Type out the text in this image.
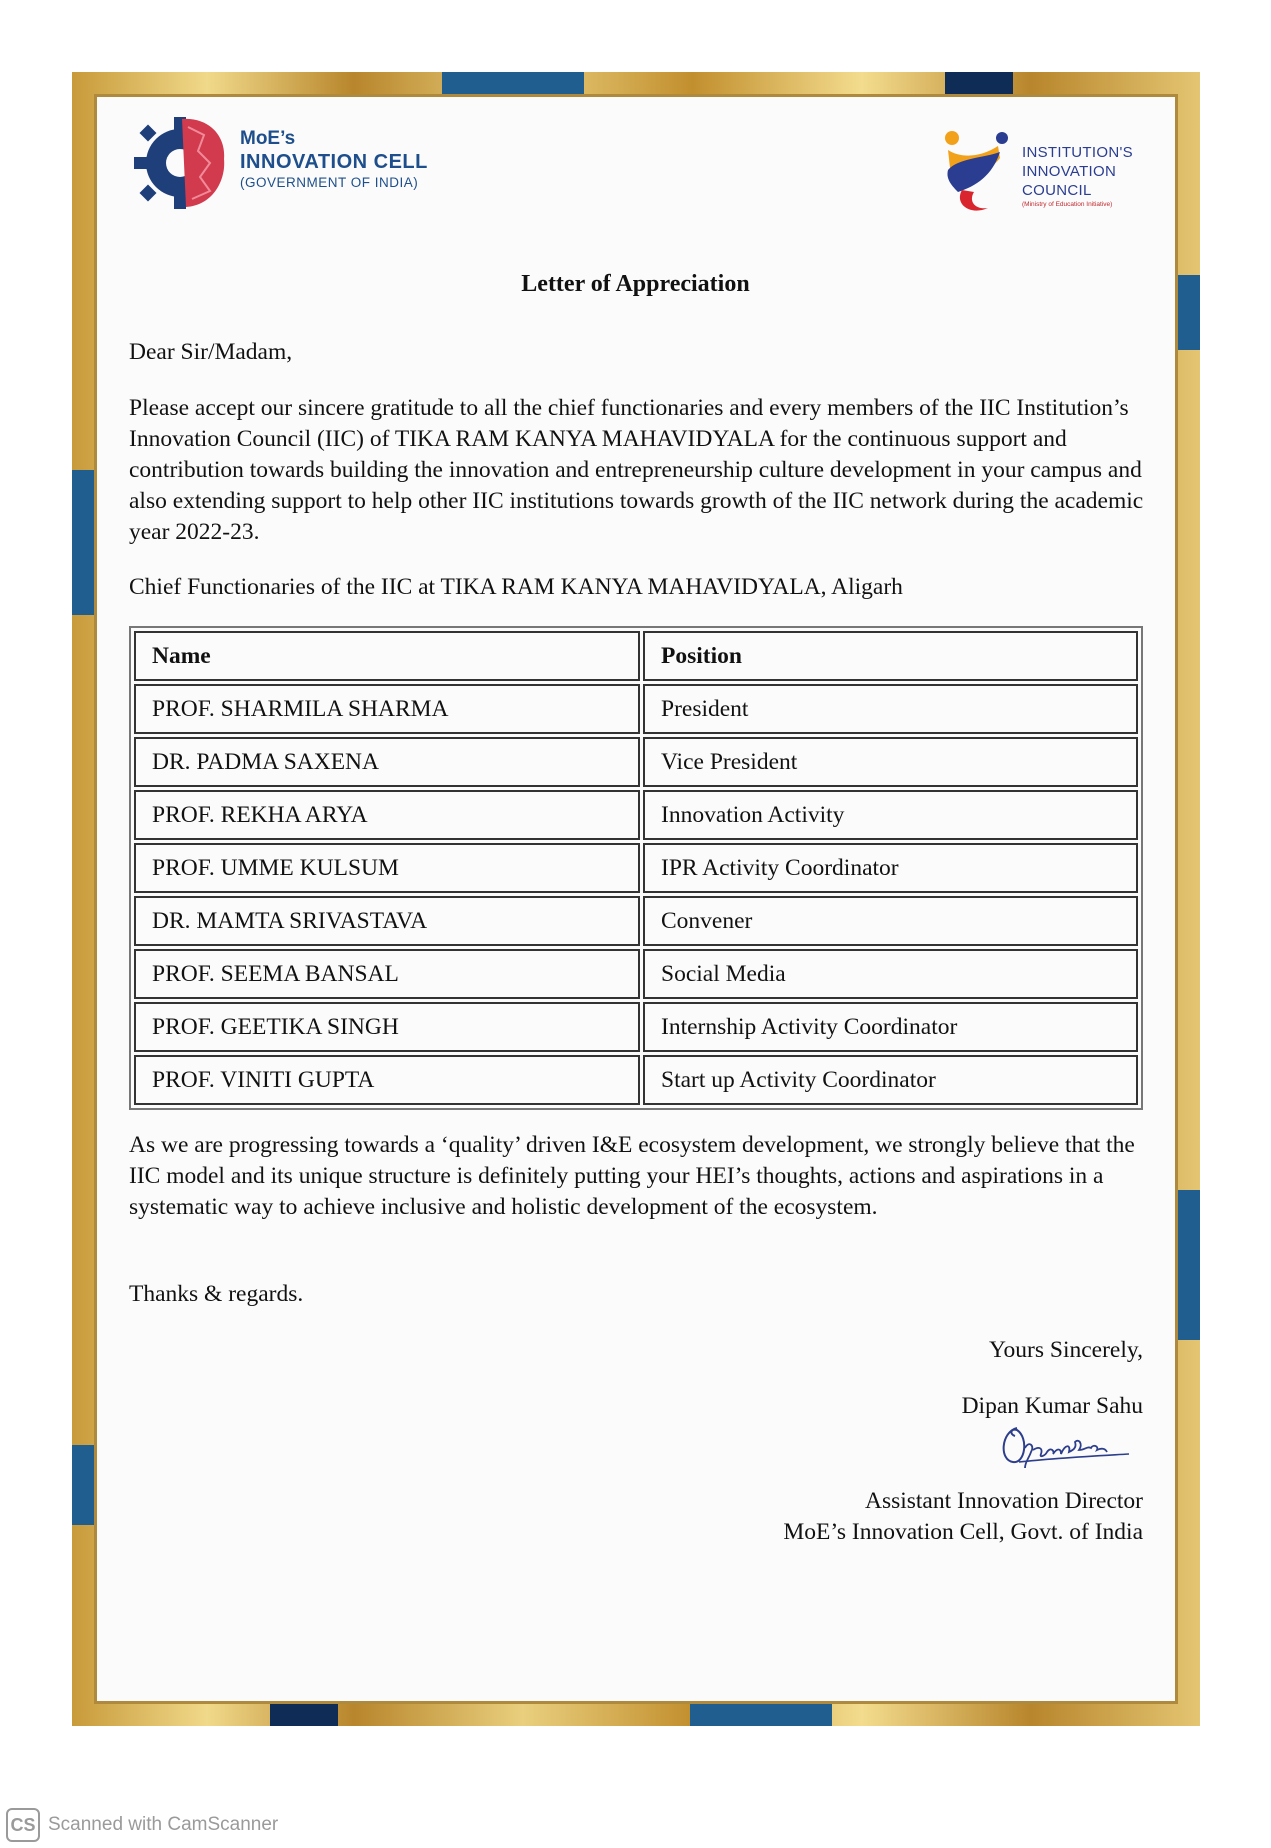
MoE’s
INNOVATION CELL
(GOVERNMENT OF INDIA)
INSTITUTION'S
INNOVATION
COUNCIL
(Ministry of Education Initiative)
Letter of Appreciation

Dear Sir/Madam,

Please accept our sincere gratitude to all the chief functionaries and every members of the IIC Institution’s Innovation Council (IIC) of TIKA RAM KANYA MAHAVIDYALA for the continuous support and contribution towards building the innovation and entrepreneurship culture development in your campus and also extending support to help other IIC institutions towards growth of the IIC network during the academic year 2022-23.

Chief Functionaries of the IIC at TIKA RAM KANYA MAHAVIDYALA, Aligarh

Name	Position
PROF. SHARMILA SHARMA	President
DR. PADMA SAXENA	Vice President
PROF. REKHA ARYA	Innovation Activity
PROF. UMME KULSUM	IPR Activity Coordinator
DR. MAMTA SRIVASTAVA	Convener
PROF. SEEMA BANSAL	Social Media
PROF. GEETIKA SINGH	Internship Activity Coordinator
PROF. VINITI GUPTA	Start up Activity Coordinator

As we are progressing towards a ‘quality’ driven I&E ecosystem development, we strongly believe that the IIC model and its unique structure is definitely putting your HEI’s thoughts, actions and aspirations in a systematic way to achieve inclusive and holistic development of the ecosystem.

Thanks & regards.

Yours Sincerely,
Dipan Kumar Sahu
Assistant Innovation Director
MoE’s Innovation Cell, Govt. of India
CS Scanned with CamScanner
